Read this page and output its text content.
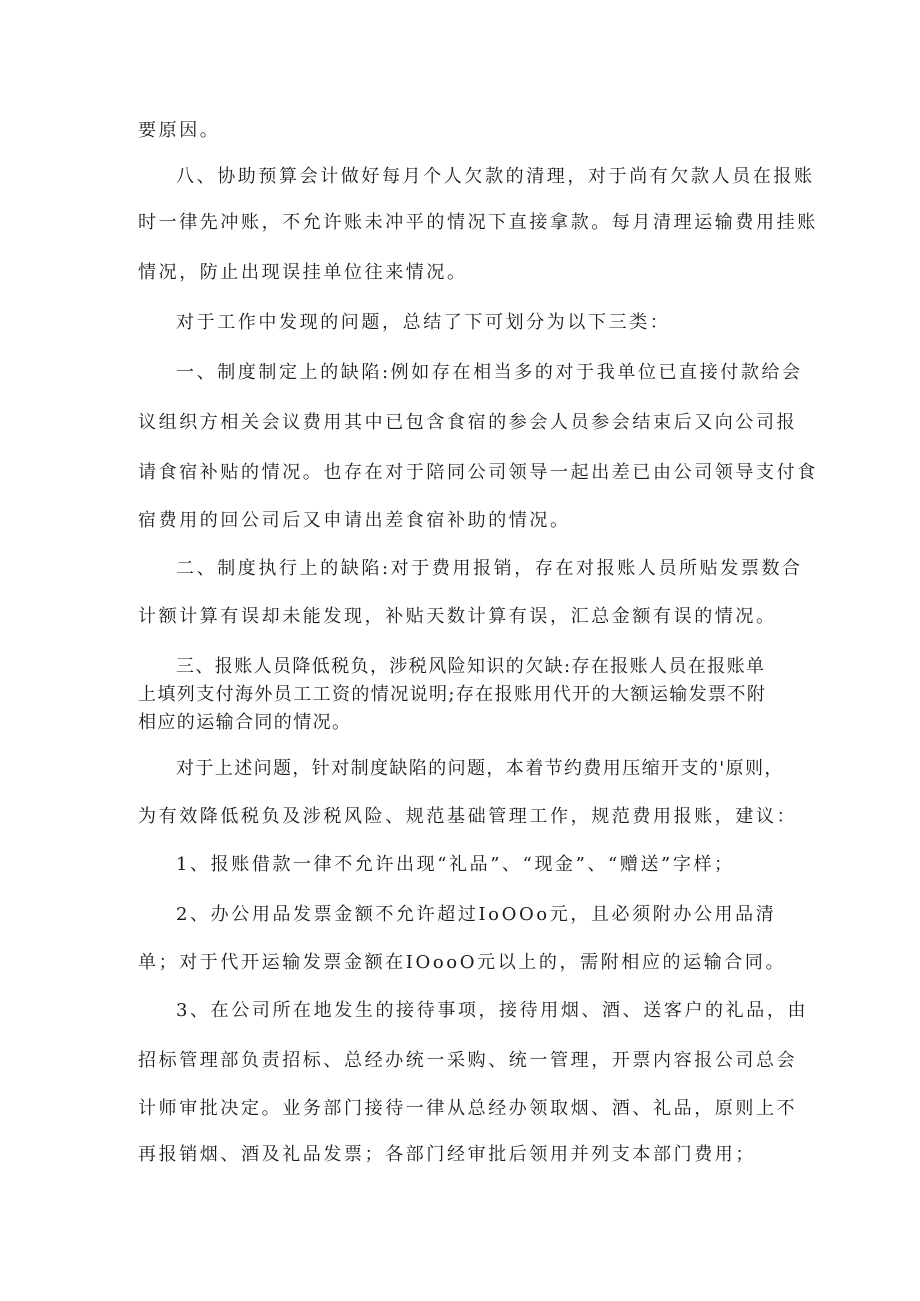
要原因。
八、协助预算会计做好每月个人欠款的清理，对于尚有欠款人员在报账
时一律先冲账，不允许账未冲平的情况下直接拿款。每月清理运输费用挂账
情况，防止出现误挂单位往来情况。
对于工作中发现的问题，总结了下可划分为以下三类：
一、制度制定上的缺陷:例如存在相当多的对于我单位已直接付款给会
议组织方相关会议费用其中已包含食宿的参会人员参会结束后又向公司报
请食宿补贴的情况。也存在对于陪同公司领导一起出差已由公司领导支付食
宿费用的回公司后又申请出差食宿补助的情况。
二、制度执行上的缺陷:对于费用报销，存在对报账人员所贴发票数合
计额计算有误却未能发现，补贴天数计算有误，汇总金额有误的情况。
三、报账人员降低税负，涉税风险知识的欠缺:存在报账人员在报账单
上填列支付海外员工工资的情况说明;存在报账用代开的大额运输发票不附
相应的运输合同的情况。
对于上述问题，针对制度缺陷的问题，本着节约费用压缩开支的'原则，
为有效降低税负及涉税风险、规范基础管理工作，规范费用报账，建议：
1、报账借款一律不允许出现“礼品”、“现金”、“赠送”字样；
2、办公用品发票金额不允许超过IoOOo元，且必须附办公用品清
单；对于代开运输发票金额在IOooO元以上的，需附相应的运输合同。
3、在公司所在地发生的接待事项，接待用烟、酒、送客户的礼品，由
招标管理部负责招标、总经办统一采购、统一管理，开票内容报公司总会
计师审批决定。业务部门接待一律从总经办领取烟、酒、礼品，原则上不
再报销烟、酒及礼品发票；各部门经审批后领用并列支本部门费用；
